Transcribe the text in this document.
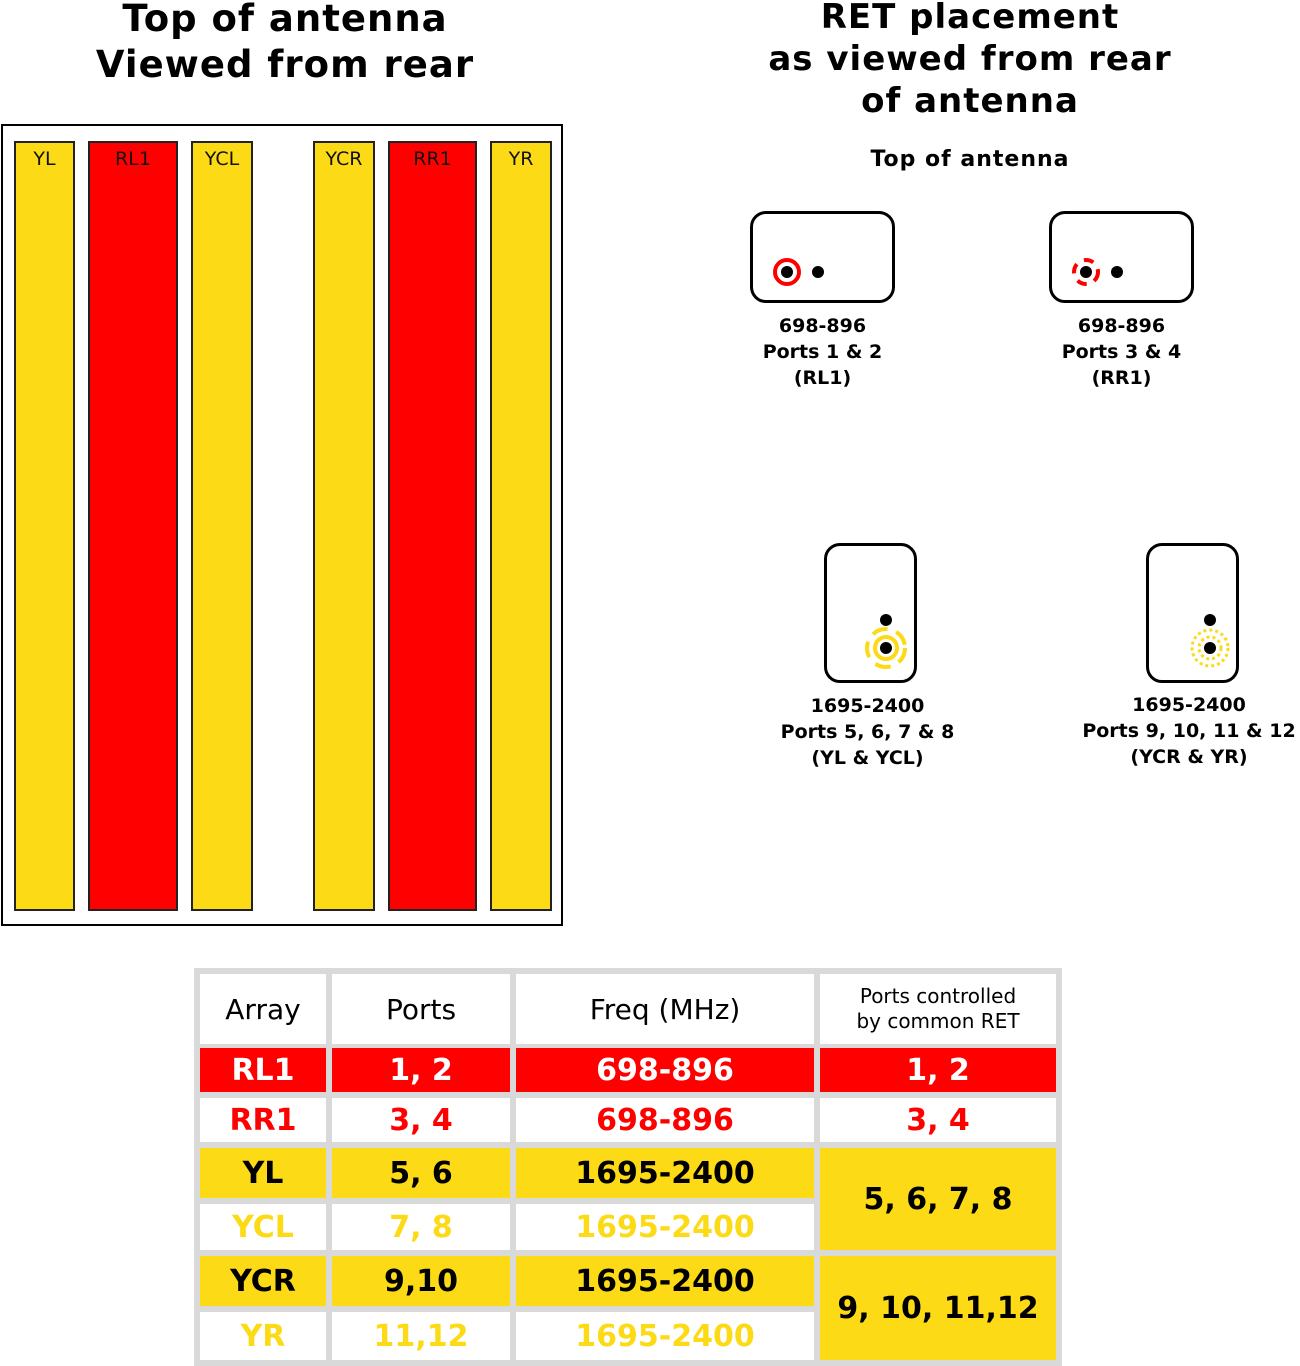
Top of antenna
Viewed from rear
RET placement
as viewed from rear
of antenna
YL	RL1	YCL	YCR	RR1	YR	Top of antenna
698-896
Ports 1 & 2
(RL1)
698-896
Ports 3 & 4
(RR1)
1695-2400
Ports 5, 6, 7 & 8
(YL & YCL)
1695-2400
Ports 9, 10, 11 & 12
(YCR & YR)
Array	Ports	Freq (MHz)	Ports controlled
by common RET
RL1	1, 2	698-896	1, 2
RR1	3, 4	698-896	3, 4
YL	5, 6	1695-2400
YCL	7, 8	1695-2400
5, 6, 7, 8
YCR	9,10	1695-2400
YR	11,12	1695-2400
9, 10, 11,12
